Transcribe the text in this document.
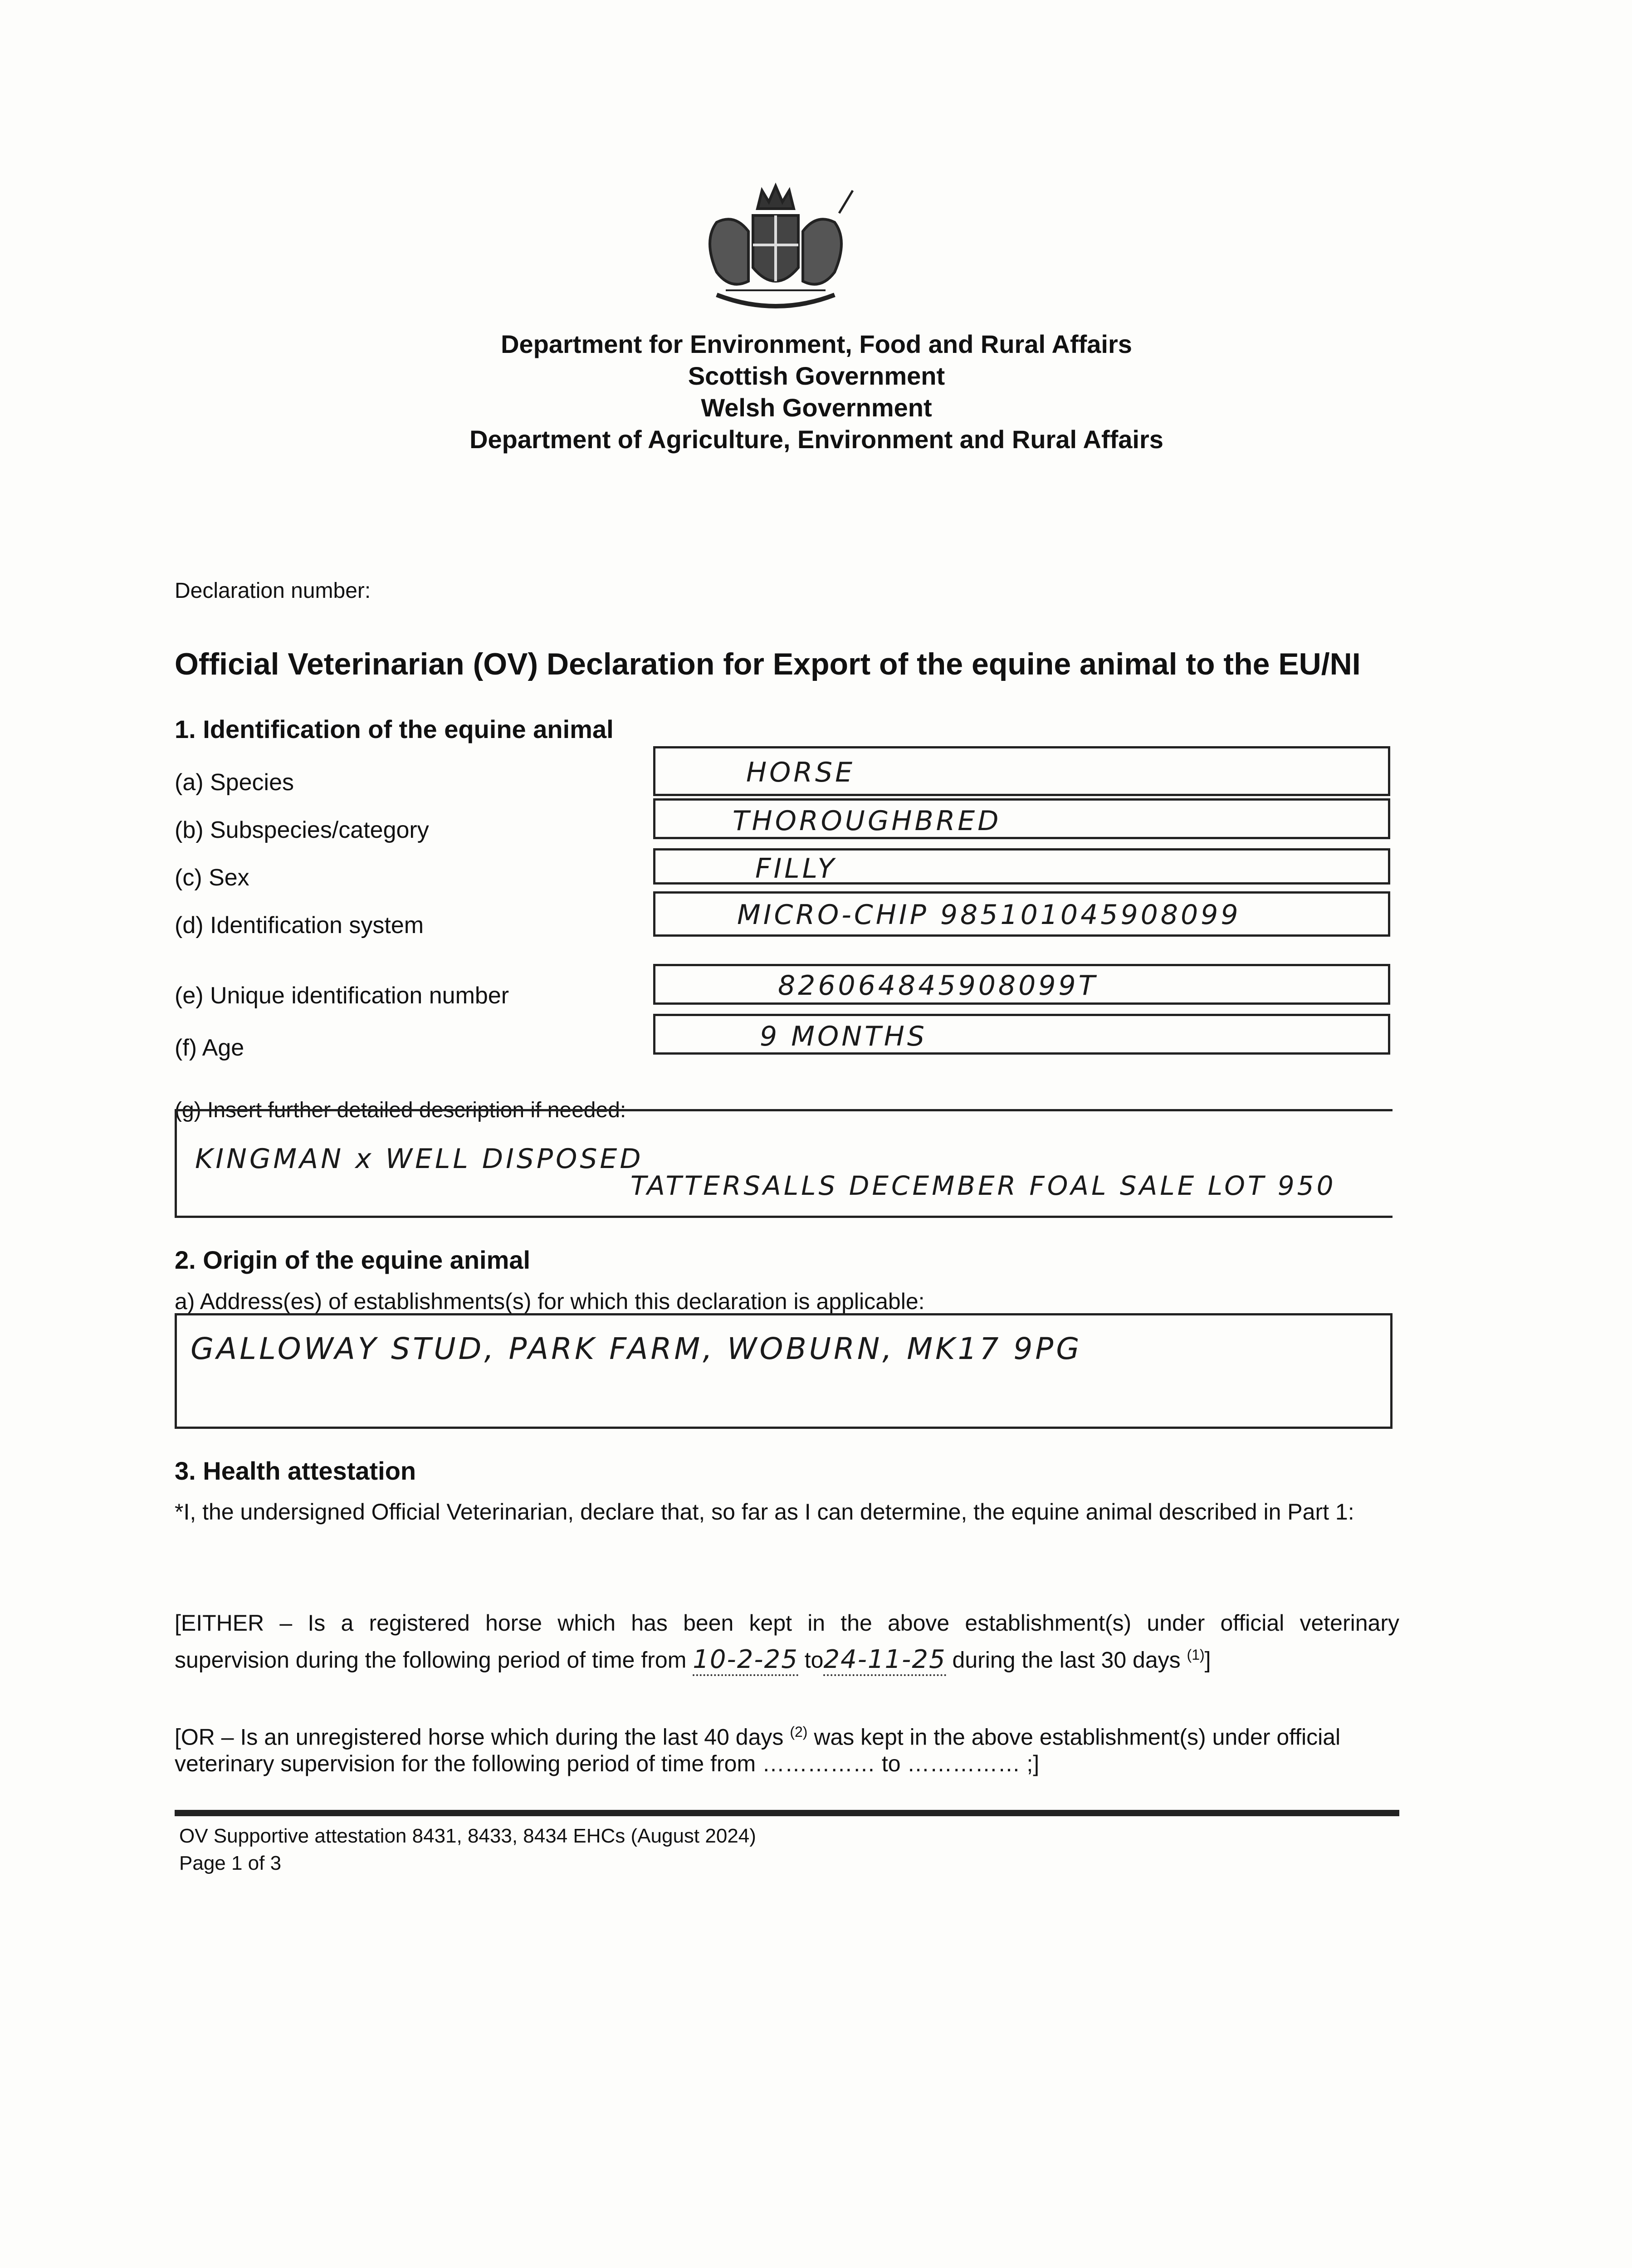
Department for Environment, Food and Rural Affairs
Scottish Government
Welsh Government
Department of Agriculture, Environment and Rural Affairs
Declaration number:
Official Veterinarian (OV) Declaration for Export of the equine animal to the EU/NI
1. Identification of the equine animal
(a) Species	HORSE
(b) Subspecies/category	THOROUGHBRED
(c) Sex	FILLY
(d) Identification system	MICRO-CHIP 985101045908099
(e) Unique identification number	826064845908099T
(f) Age	9 MONTHS
(g) Insert further detailed description if needed:
KINGMAN x WELL DISPOSED
TATTERSALLS DECEMBER FOAL SALE LOT 950
2. Origin of the equine animal
a) Address(es) of establishments(s) for which this declaration is applicable:
GALLOWAY STUD, PARK FARM, WOBURN, MK17 9PG
3. Health attestation
*I, the undersigned Official Veterinarian, declare that, so far as I can determine, the equine animal described in Part 1:
[EITHER – Is a registered horse which has been kept in the above establishment(s) under official veterinary
supervision during the following period of time from 10-2-25 to24-11-25 during the last 30 days $^{(1)}$]
[OR – Is an unregistered horse which during the last 40 days $^{(2)}$ was kept in the above establishment(s) under official
veterinary supervision for the following period of time from …………… to …………… ;]
OV Supportive attestation 8431, 8433, 8434 EHCs (August 2024)
Page 1 of 3
